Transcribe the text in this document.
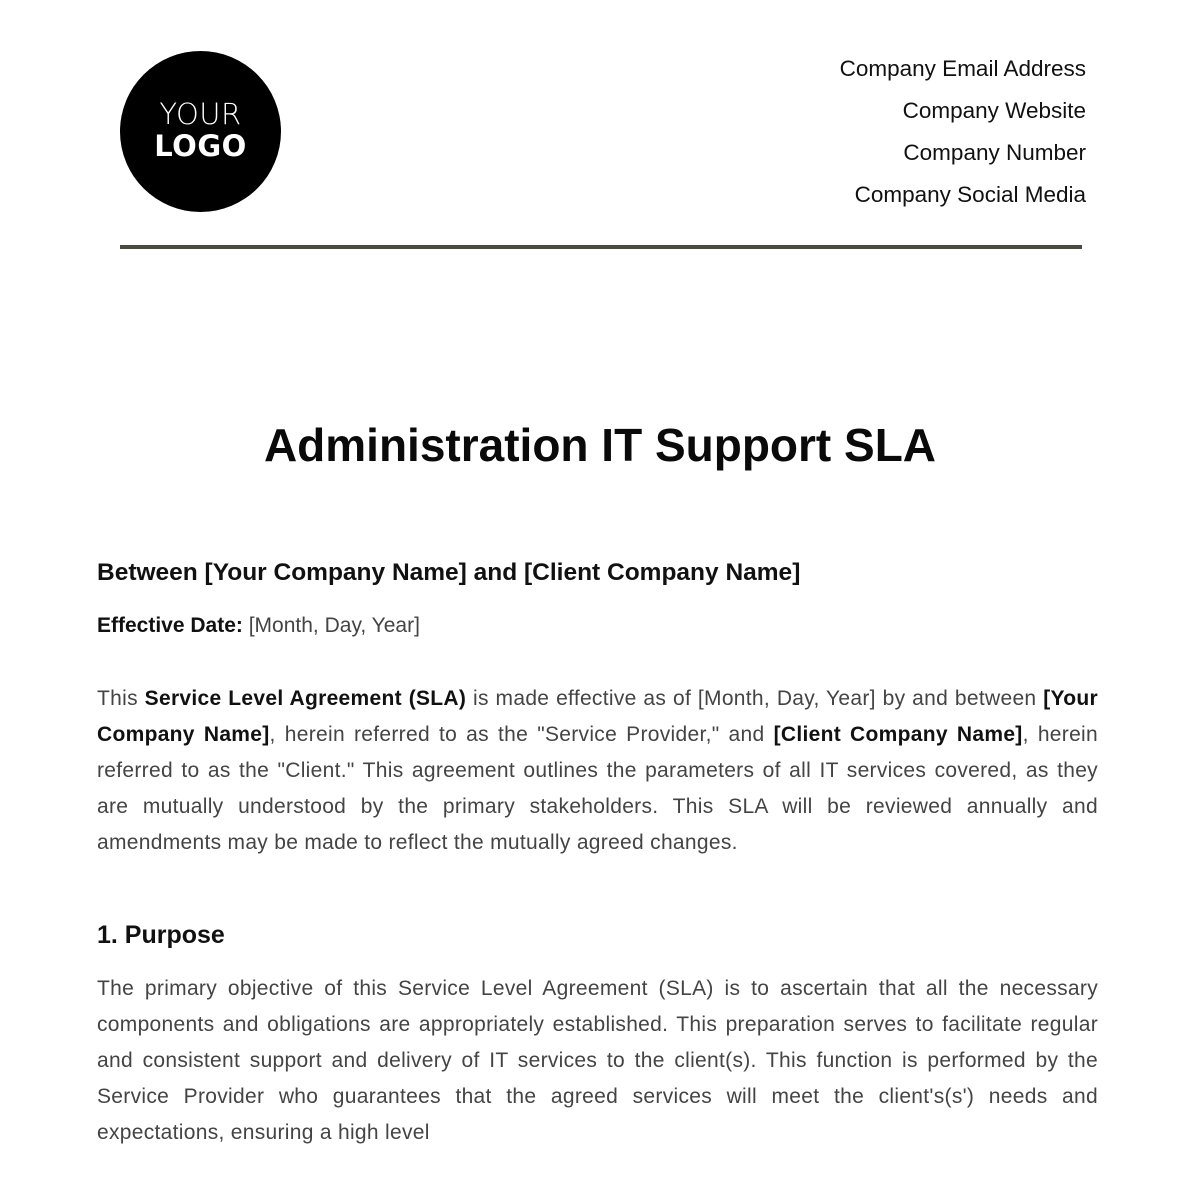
YOUR
LOGO
Company Email Address
Company Website
Company Number
Company Social Media
Administration IT Support SLA
Between [Your Company Name] and [Client Company Name]
Effective Date: [Month, Day, Year]

This Service Level Agreement (SLA) is made effective as of [Month, Day, Year] by and between [Your Company Name], herein referred to as the "Service Provider," and [Client Company Name], herein referred to as the "Client." This agreement outlines the parameters of all IT services covered, as they are mutually understood by the primary stakeholders. This SLA will be reviewed annually and amendments may be made to reflect the mutually agreed changes.

1. Purpose

The primary objective of this Service Level Agreement (SLA) is to ascertain that all the necessary components and obligations are appropriately established. This preparation serves to facilitate regular and consistent support and delivery of IT services to the client(s). This function is performed by the Service Provider who guarantees that the agreed services will meet the client's(s') needs and expectations, ensuring a high level
